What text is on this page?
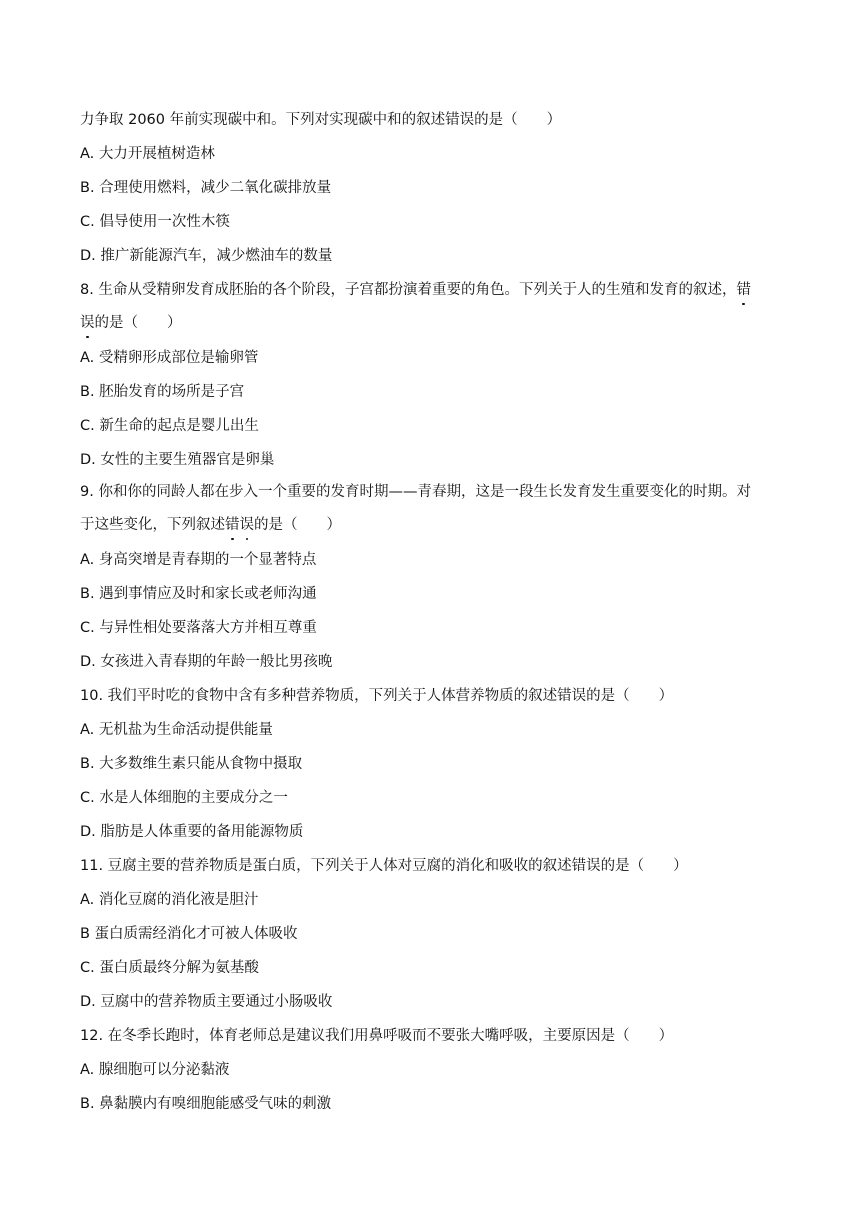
力争取 2060 年前实现碳中和。下列对实现碳中和的叙述错误的是（　　）
A. 大力开展植树造林
B. 合理使用燃料，减少二氧化碳排放量
C. 倡导使用一次性木筷
D. 推广新能源汽车，减少燃油车的数量
8. 生命从受精卵发育成胚胎的各个阶段，子宫都扮演着重要的角色。下列关于人的生殖和发育的叙述，错
误的是（　　）
A. 受精卵形成部位是输卵管
B. 胚胎发育的场所是子宫
C. 新生命的起点是婴儿出生
D. 女性的主要生殖器官是卵巢
9. 你和你的同龄人都在步入一个重要的发育时期——青春期，这是一段生长发育发生重要变化的时期。对
于这些变化，下列叙述错误的是（　　）
A. 身高突增是青春期的一个显著特点
B. 遇到事情应及时和家长或老师沟通
C. 与异性相处要落落大方并相互尊重
D. 女孩进入青春期的年龄一般比男孩晚
10. 我们平时吃的食物中含有多种营养物质，下列关于人体营养物质的叙述错误的是（　　）
A. 无机盐为生命活动提供能量
B. 大多数维生素只能从食物中摄取
C. 水是人体细胞的主要成分之一
D. 脂肪是人体重要的备用能源物质
11. 豆腐主要的营养物质是蛋白质，下列关于人体对豆腐的消化和吸收的叙述错误的是（　　）
A. 消化豆腐的消化液是胆汁
B 蛋白质需经消化才可被人体吸收
C. 蛋白质最终分解为氨基酸
D. 豆腐中的营养物质主要通过小肠吸收
12. 在冬季长跑时，体育老师总是建议我们用鼻呼吸而不要张大嘴呼吸，主要原因是（　　）
A. 腺细胞可以分泌黏液
B. 鼻黏膜内有嗅细胞能感受气味的刺激
